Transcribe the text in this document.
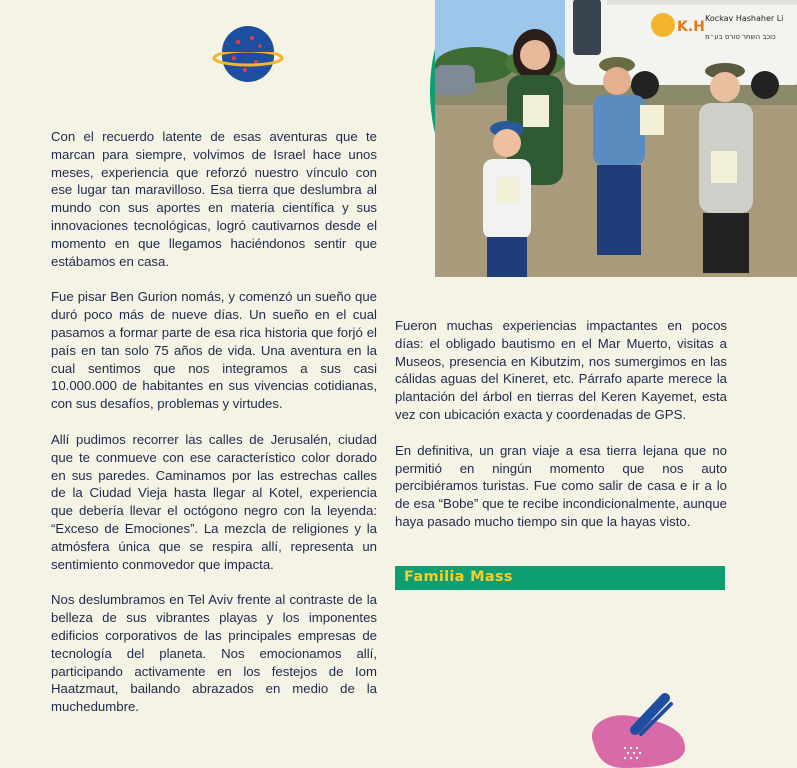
K.H
Kockav Hashaher Li
כוכב השחר טורס בע״מ

Con el recuerdo latente de esas aventuras que te marcan para siempre, volvimos de Israel hace unos meses, experiencia que reforzó nuestro vínculo con ese lugar tan maravilloso. Esa tierra que deslumbra al mundo con sus aportes en materia científica y sus innovaciones tecnológicas, logró cautivarnos desde el momento en que llegamos haciéndonos sentir que estábamos en casa.

Fue pisar Ben Gurion nomás, y comenzó un sueño que duró poco más de nueve días. Un sueño en el cual pasamos a formar parte de esa rica historia que forjó el país en tan solo 75 años de vida. Una aventura en la cual sentimos que nos integramos a sus casi 10.000.000 de habitantes en sus vivencias cotidianas, con sus desafíos, problemas y virtudes.

Allí pudimos recorrer las calles de Jerusalén, ciudad que te conmueve con ese característico color dorado en sus paredes. Caminamos por las estrechas calles de la Ciudad Vieja hasta llegar al Kotel, experiencia que debería llevar el octógono negro con la leyenda: “Exceso de Emociones”. La mezcla de religiones y la atmósfera única que se respira allí, representa un sentimiento conmovedor que impacta.

Nos deslumbramos en Tel Aviv frente al contraste de la belleza de sus vibrantes playas y los imponentes edificios corporativos de las principales empresas de tecnología del planeta. Nos emocionamos allí, participando activamente en los festejos de Iom Haatzmaut, bailando abrazados en medio de la muchedumbre.

Fueron muchas experiencias impactantes en pocos días: el obligado bautismo en el Mar Muerto, visitas a Museos, presencia en Kibutzim, nos sumergimos en las cálidas aguas del Kineret, etc. Párrafo aparte merece la plantación del árbol en tierras del Keren Kayemet, esta vez con ubicación exacta y coordenadas de GPS.

En definitiva, un gran viaje a esa tierra lejana que no permitió en ningún momento que nos auto percibiéramos turistas. Fue como salir de casa e ir a lo de esa “Bobe” que te recibe incondicionalmente, aunque haya pasado mucho tiempo sin que la hayas visto.

Familia Mass
